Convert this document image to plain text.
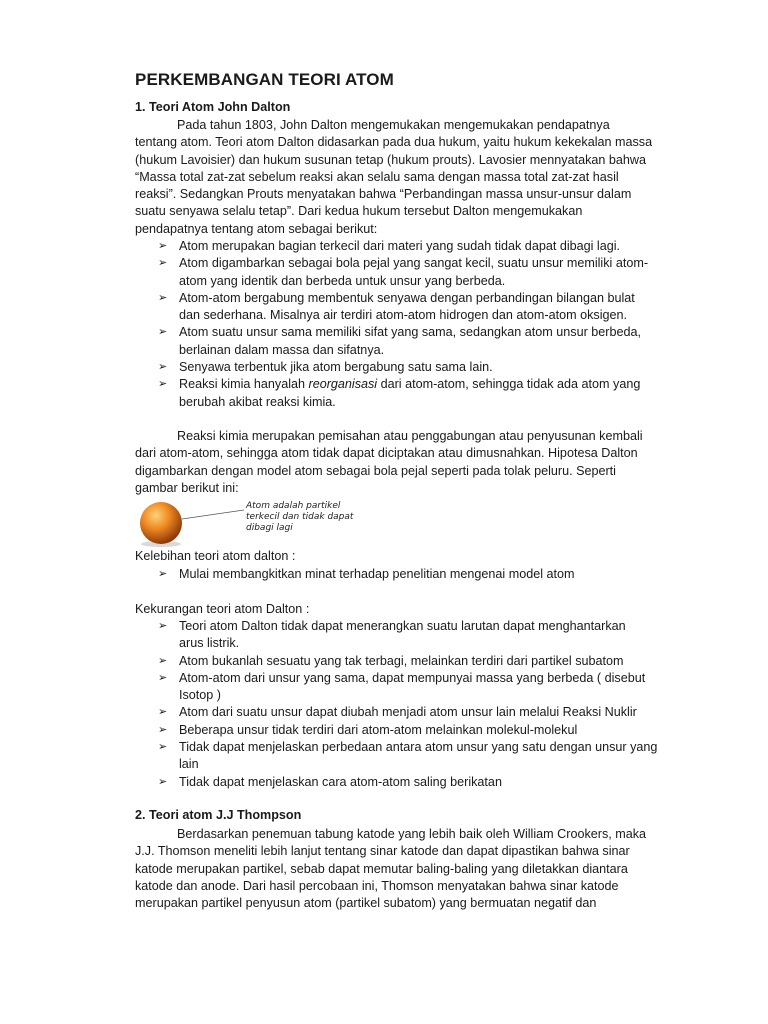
PERKEMBANGAN TEORI ATOM
1. Teori Atom John Dalton

Pada tahun 1803, John Dalton mengemukakan mengemukakan pendapatnya
tentang atom. Teori atom Dalton didasarkan pada dua hukum, yaitu hukum kekekalan massa
(hukum Lavoisier) dan hukum susunan tetap (hukum prouts). Lavosier mennyatakan bahwa
“Massa total zat-zat sebelum reaksi akan selalu sama dengan massa total zat-zat hasil
reaksi”. Sedangkan Prouts menyatakan bahwa “Perbandingan massa unsur-unsur dalam
suatu senyawa selalu tetap”. Dari kedua hukum tersebut Dalton mengemukakan
pendapatnya tentang atom sebagai berikut:

➢ Atom merupakan bagian terkecil dari materi yang sudah tidak dapat dibagi lagi.
➢ Atom digambarkan sebagai bola pejal yang sangat kecil, suatu unsur memiliki atom-
atom yang identik dan berbeda untuk unsur yang berbeda.
➢ Atom-atom bergabung membentuk senyawa dengan perbandingan bilangan bulat
dan sederhana. Misalnya air terdiri atom-atom hidrogen dan atom-atom oksigen.
➢ Atom suatu unsur sama memiliki sifat yang sama, sedangkan atom unsur berbeda,
berlainan dalam massa dan sifatnya.
➢ Senyawa terbentuk jika atom bergabung satu sama lain.
➢ Reaksi kimia hanyalah reorganisasi dari atom-atom, sehingga tidak ada atom yang
berubah akibat reaksi kimia.

Reaksi kimia merupakan pemisahan atau penggabungan atau penyusunan kembali
dari atom-atom, sehingga atom tidak dapat diciptakan atau dimusnahkan. Hipotesa Dalton
digambarkan dengan model atom sebagai bola pejal seperti pada tolak peluru. Seperti
gambar berikut ini:

Atom adalah partikel
terkecil dan tidak dapat
dibagi lagi
Kelebihan teori atom dalton :
➢ Mulai membangkitkan minat terhadap penelitian mengenai model atom
Kekurangan teori atom Dalton :
➢ Teori atom Dalton tidak dapat menerangkan suatu larutan dapat menghantarkan
arus listrik.
➢ Atom bukanlah sesuatu yang tak terbagi, melainkan terdiri dari partikel subatom
➢ Atom-atom dari unsur yang sama, dapat mempunyai massa yang berbeda ( disebut
Isotop )
➢ Atom dari suatu unsur dapat diubah menjadi atom unsur lain melalui Reaksi Nuklir
➢ Beberapa unsur tidak terdiri dari atom-atom melainkan molekul-molekul
➢ Tidak dapat menjelaskan perbedaan antara atom unsur yang satu dengan unsur yang
lain
➢ Tidak dapat menjelaskan cara atom-atom saling berikatan
2. Teori atom J.J Thompson

Berdasarkan penemuan tabung katode yang lebih baik oleh William Crookers, maka
J.J. Thomson meneliti lebih lanjut tentang sinar katode dan dapat dipastikan bahwa sinar
katode merupakan partikel, sebab dapat memutar baling-baling yang diletakkan diantara
katode dan anode. Dari hasil percobaan ini, Thomson menyatakan bahwa sinar katode
merupakan partikel penyusun atom (partikel subatom) yang bermuatan negatif dan
